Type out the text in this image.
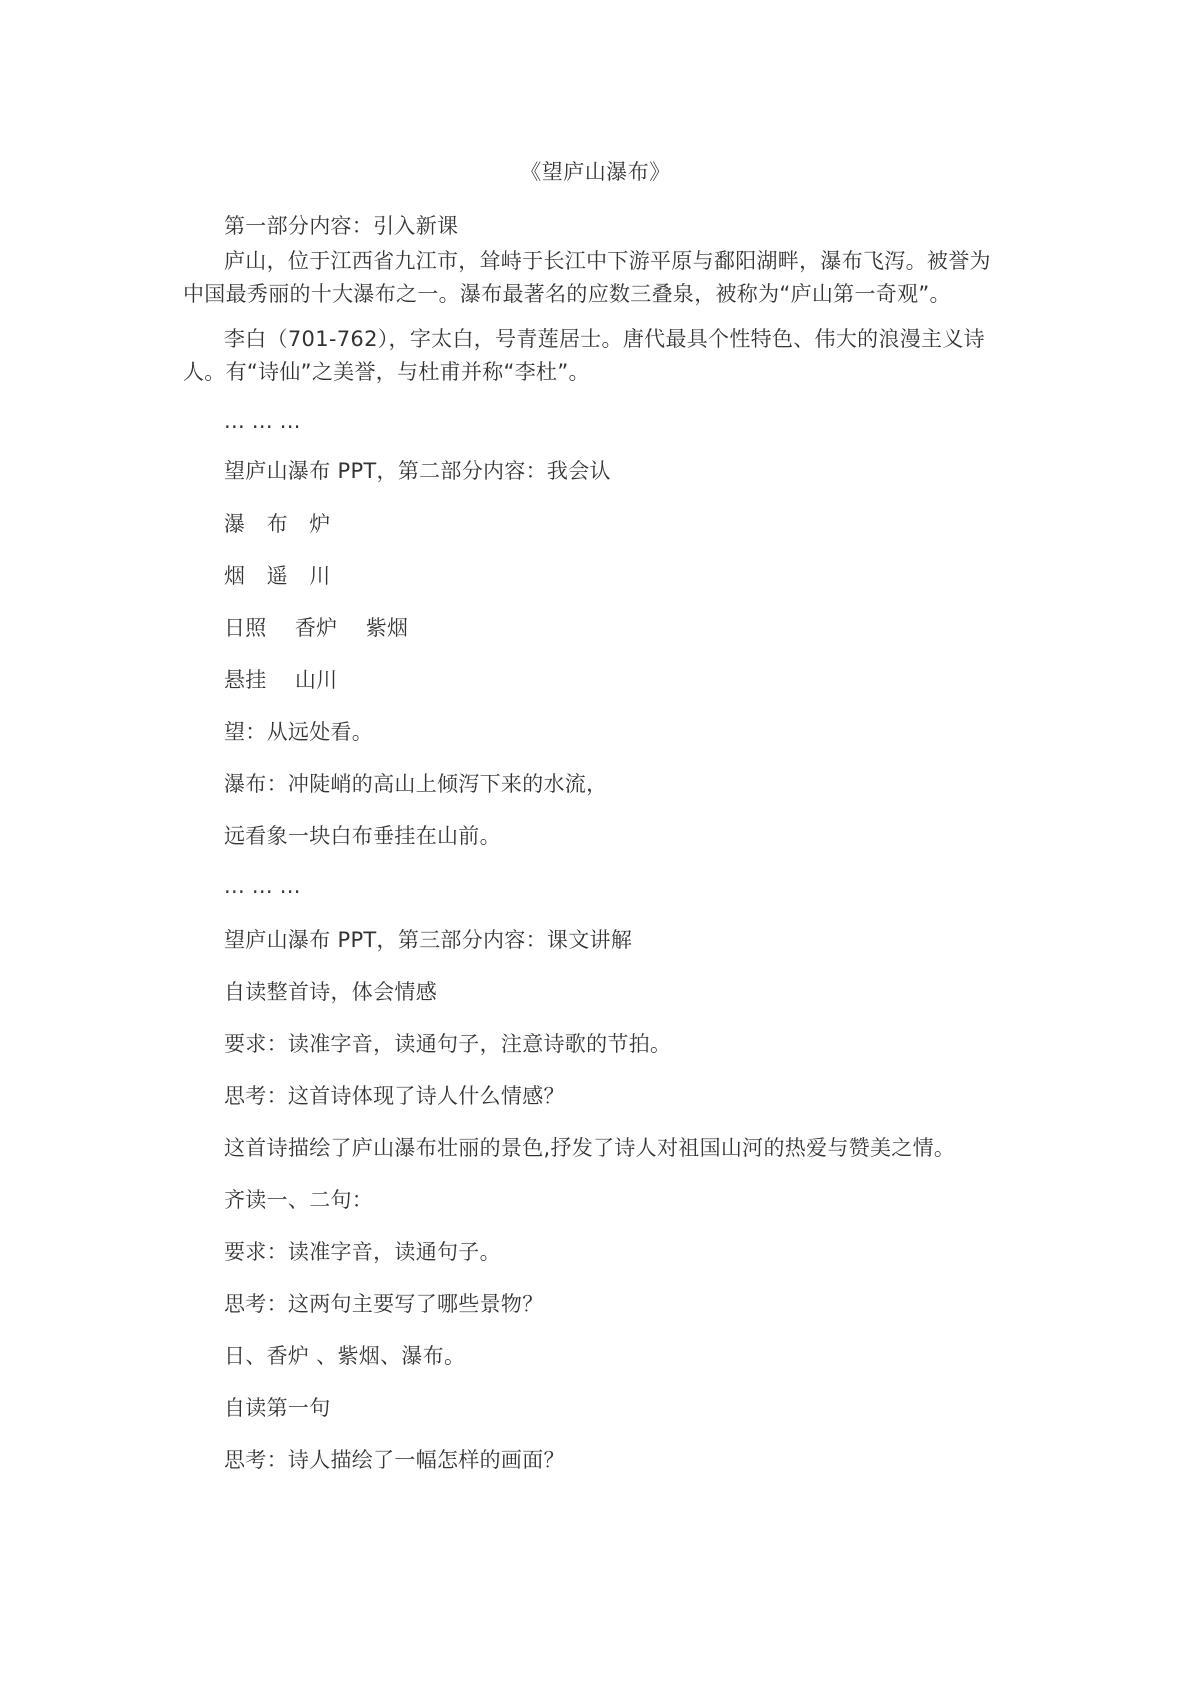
《望庐山瀑布》
第一部分内容：引入新课
庐山，位于江西省九江市，耸峙于长江中下游平原与鄱阳湖畔，瀑布飞泻。被誉为
中国最秀丽的十大瀑布之一。瀑布最著名的应数三叠泉，被称为“庐山第一奇观”。
李白（701-762），字太白，号青莲居士。唐代最具个性特色、伟大的浪漫主义诗
人。有“诗仙”之美誉，与杜甫并称“李杜”。
... ... ...
望庐山瀑布 PPT，第二部分内容：我会认
瀑　布　炉
烟　遥　川
日照　 香炉　 紫烟
悬挂　 山川
望：从远处看。
瀑布：冲陡峭的高山上倾泻下来的水流，
远看象一块白布垂挂在山前。
... ... ...
望庐山瀑布 PPT，第三部分内容：课文讲解
自读整首诗，体会情感
要求：读准字音，读通句子，注意诗歌的节拍。
思考：这首诗体现了诗人什么情感？
这首诗描绘了庐山瀑布壮丽的景色,抒发了诗人对祖国山河的热爱与赞美之情。
齐读一、二句：
要求：读准字音，读通句子。
思考：这两句主要写了哪些景物？
日、香炉 、紫烟、瀑布。
自读第一句
思考：诗人描绘了一幅怎样的画面？
